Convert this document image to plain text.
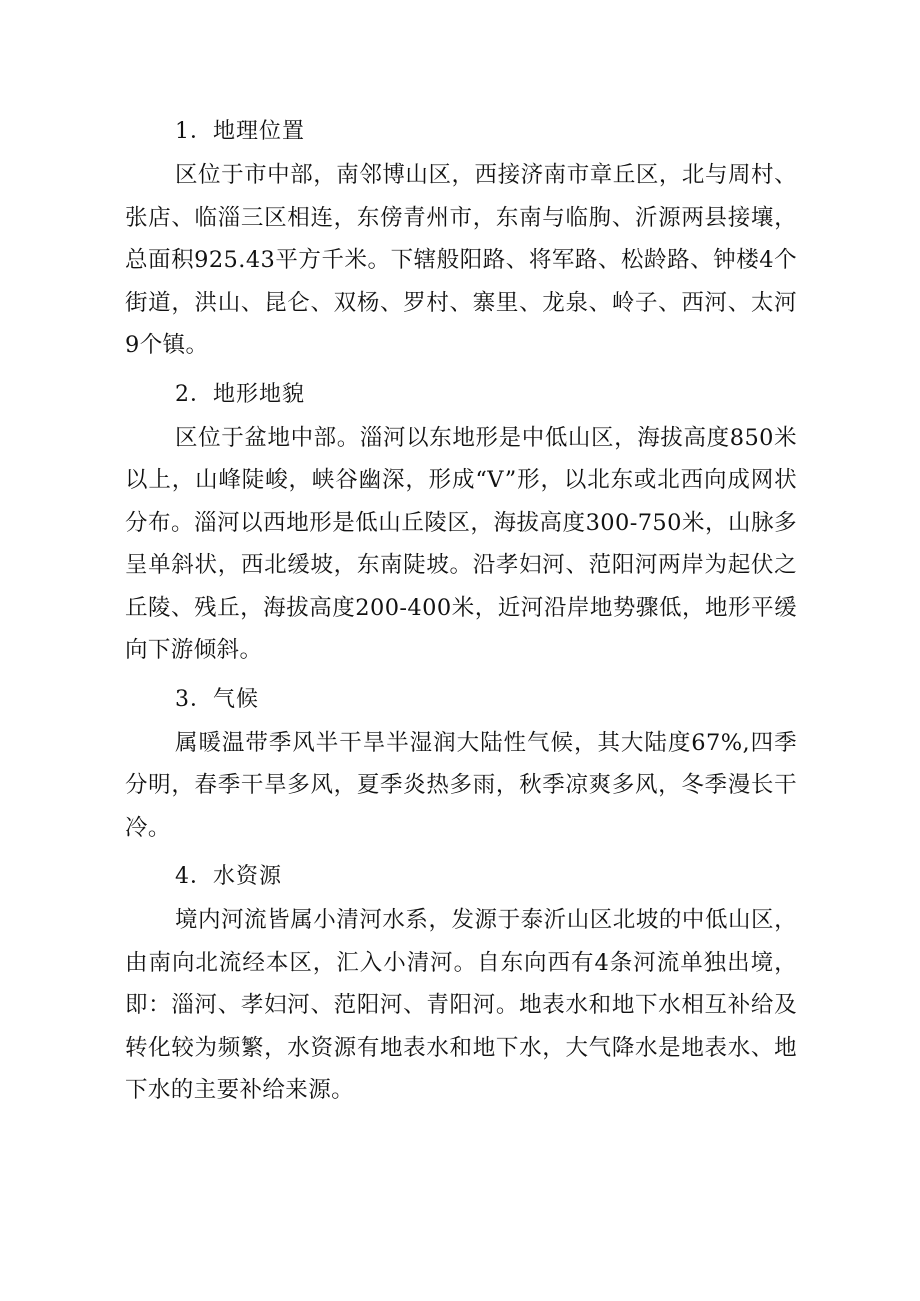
1．地理位置

区位于市中部，南邻博山区，西接济南市章丘区，北与周村、张店、临淄三区相连，东傍青州市，东南与临朐、沂源两县接壤，总面积925.43平方千米。下辖般阳路、将军路、松龄路、钟楼4个街道，洪山、昆仑、双杨、罗村、寨里、龙泉、岭子、西河、太河9个镇。

2．地形地貌

区位于盆地中部。淄河以东地形是中低山区，海拔高度850米以上，山峰陡峻，峡谷幽深，形成“V”形，以北东或北西向成网状分布。淄河以西地形是低山丘陵区，海拔高度300-750米，山脉多呈单斜状，西北缓坡，东南陡坡。沿孝妇河、范阳河两岸为起伏之丘陵、残丘，海拔高度200-400米，近河沿岸地势骤低，地形平缓向下游倾斜。

3．气候

属暖温带季风半干旱半湿润大陆性气候，其大陆度67%,四季分明，春季干旱多风，夏季炎热多雨，秋季凉爽多风，冬季漫长干冷。

4．水资源

境内河流皆属小清河水系，发源于泰沂山区北坡的中低山区，由南向北流经本区，汇入小清河。自东向西有4条河流单独出境，即：淄河、孝妇河、范阳河、青阳河。地表水和地下水相互补给及转化较为频繁，水资源有地表水和地下水，大气降水是地表水、地下水的主要补给来源。
